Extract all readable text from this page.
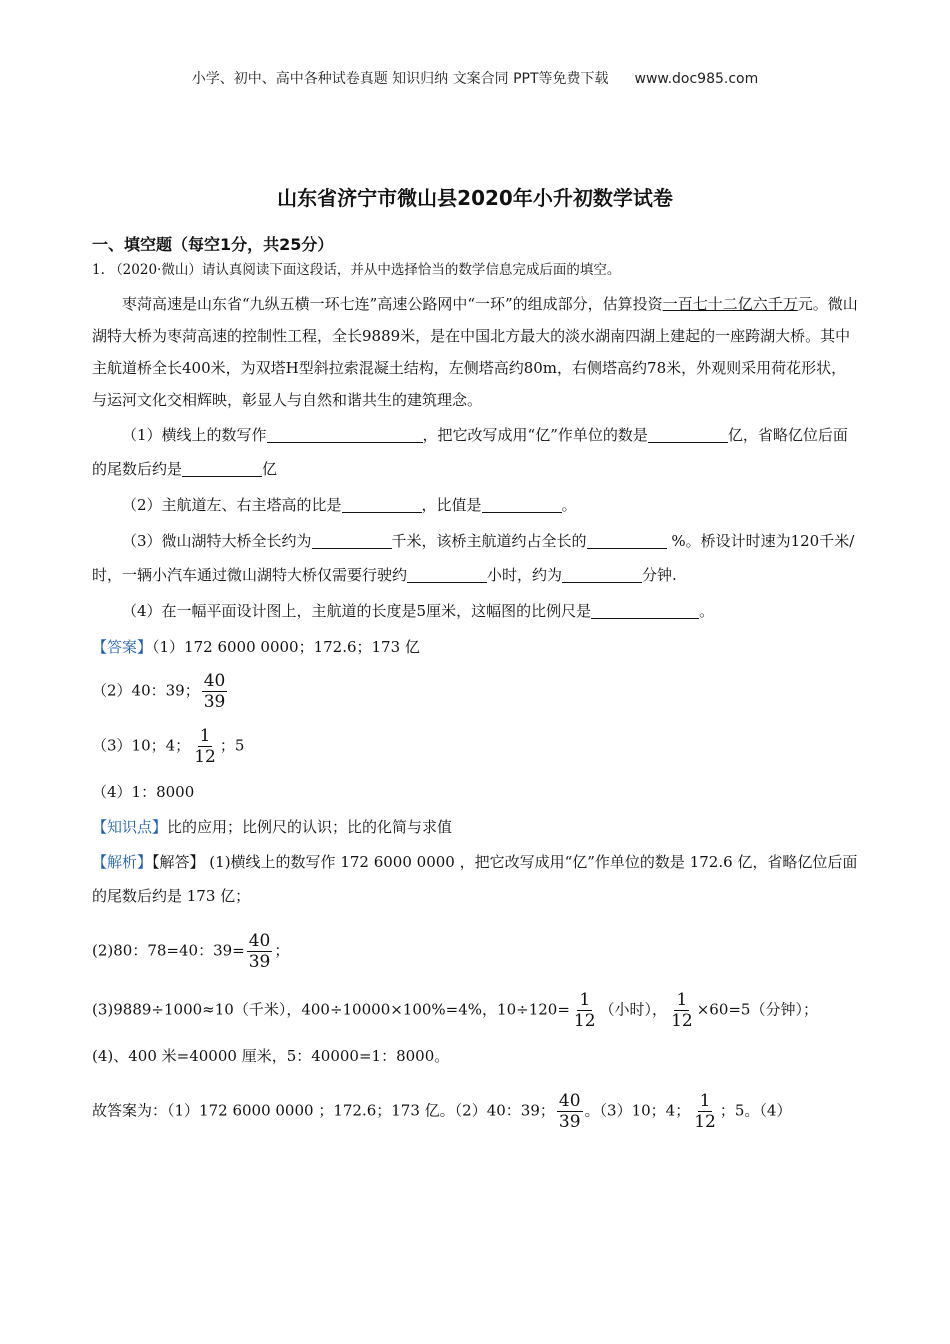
小学、初中、高中各种试卷真题 知识归纳 文案合同 PPT等免费下载 www.doc985.com
山东省济宁市微山县2020年小升初数学试卷
一、填空题（每空1分，共25分）
1. （2020·微山）请认真阅读下面这段话，并从中选择恰当的数学信息完成后面的填空。

枣菏高速是山东省“九纵五横一环七连”高速公路网中“一环”的组成部分，估算投资一百七十二亿六千万元。微山湖特大桥为枣菏高速的控制性工程，全长9889米，是在中国北方最大的淡水湖南四湖上建起的一座跨湖大桥。其中主航道桥全长400米，为双塔H型斜拉索混凝土结构，左侧塔高约80m，右侧塔高约78米，外观则采用荷花形状，与运河文化交相辉映，彰显人与自然和谐共生的建筑理念。

（1）横线上的数写作	，把它改写成用“亿”作单位的数是	亿，省略亿位后面的尾数后约是	亿

（2）主航道左、右主塔高的比是	，比值是	。

（3）微山湖特大桥全长约为	千米，该桥主航道约占全长的	%。桥设计时速为120千米/时，一辆小汽车通过微山湖特大桥仅需要行驶约	小时，约为	分钟.

（4）在一幅平面设计图上，主航道的长度是5厘米，这幅图的比例尺是	。

【答案】（1）172 6000 0000；172.6；173 亿

（2）40：39； $\frac{40}{39}$

（3）10；4； $\frac{1}{12}$ ；5

（4）1：8000

【知识点】比的应用；比例尺的认识；比的化简与求值

【解析】【解答】 (1)横线上的数写作 172 6000 0000 ，把它改写成用“亿”作单位的数是 172.6 亿，省略亿位后面的尾数后约是 173 亿；

(2)80：78=40：$39= \frac{40}{39}$ ；

(3)9889÷1000≈10（千米），400÷10000×100%=4%，$10\div 120= \frac{1}{12}$ （小时）， $\frac{1}{12} \times 60=5$（分钟）；

(4)、400 米=40000 厘米，5：40000=1：8000。

故答案为：（1）172 6000 0000 ；172.6；173 亿。（2）40：39； $\frac{40}{39}$ 。（3）10；4； $\frac{1}{12}$ ；5。（4）
